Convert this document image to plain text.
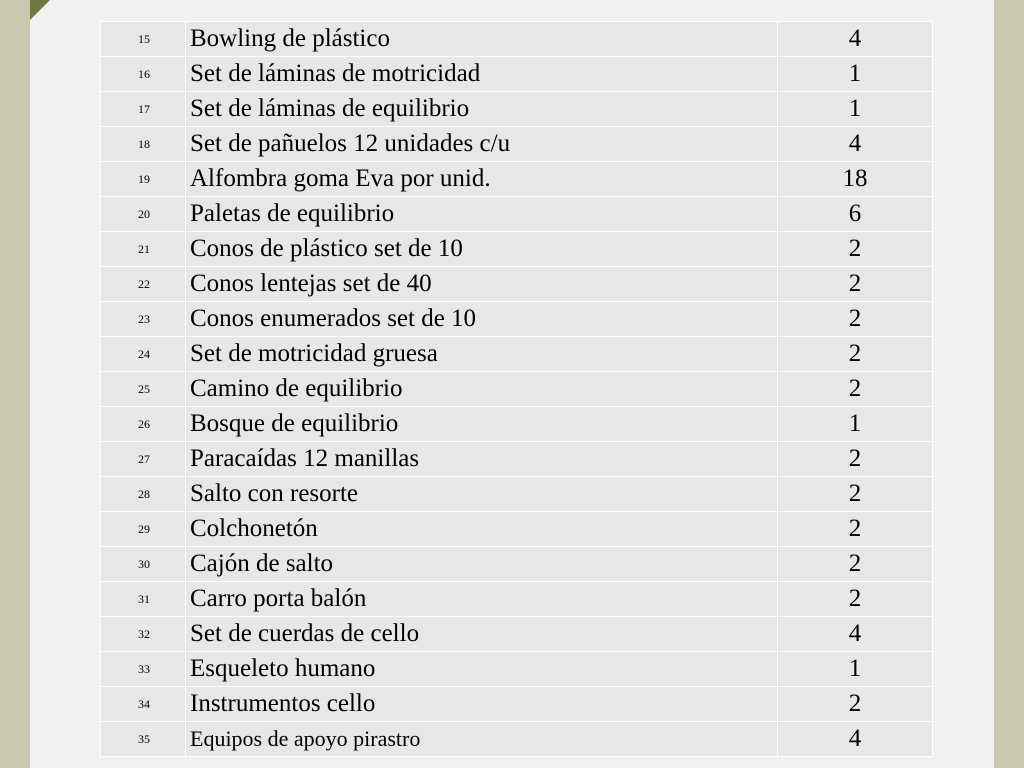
15	Bowling de plástico	4
16	Set de láminas de motricidad	1
17	Set de láminas de equilibrio	1
18	Set de pañuelos 12 unidades c/u	4
19	Alfombra goma Eva por unid.	18
20	Paletas de equilibrio	6
21	Conos de plástico set de 10	2
22	Conos lentejas set de 40	2
23	Conos enumerados set de 10	2
24	Set de motricidad gruesa	2
25	Camino de equilibrio	2
26	Bosque de equilibrio	1
27	Paracaídas 12 manillas	2
28	Salto con resorte	2
29	Colchonetón	2
30	Cajón de salto	2
31	Carro porta balón	2
32	Set de cuerdas de cello	4
33	Esqueleto humano	1
34	Instrumentos cello	2
35	Equipos de apoyo pirastro	4
